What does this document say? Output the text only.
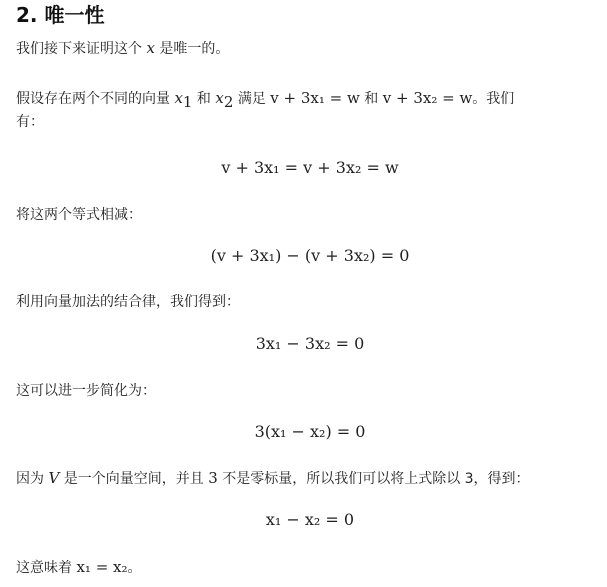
2. 唯一性

我们接下来证明这个 x 是唯一的。

假设存在两个不同的向量 $x_1$ 和 $x_2$ 满足 v + 3x₁ = w 和 v + 3x₂ = w。我们

有：

v + 3x₁ = v + 3x₂ = w

将这两个等式相减：

(v + 3x₁) − (v + 3x₂) = 0

利用向量加法的结合律，我们得到：

3x₁ − 3x₂ = 0

这可以进一步简化为：

3(x₁ − x₂) = 0

因为 V 是一个向量空间，并且 3 不是零标量，所以我们可以将上式除以 3，得到：

x₁ − x₂ = 0

这意味着 x₁ = x₂。
